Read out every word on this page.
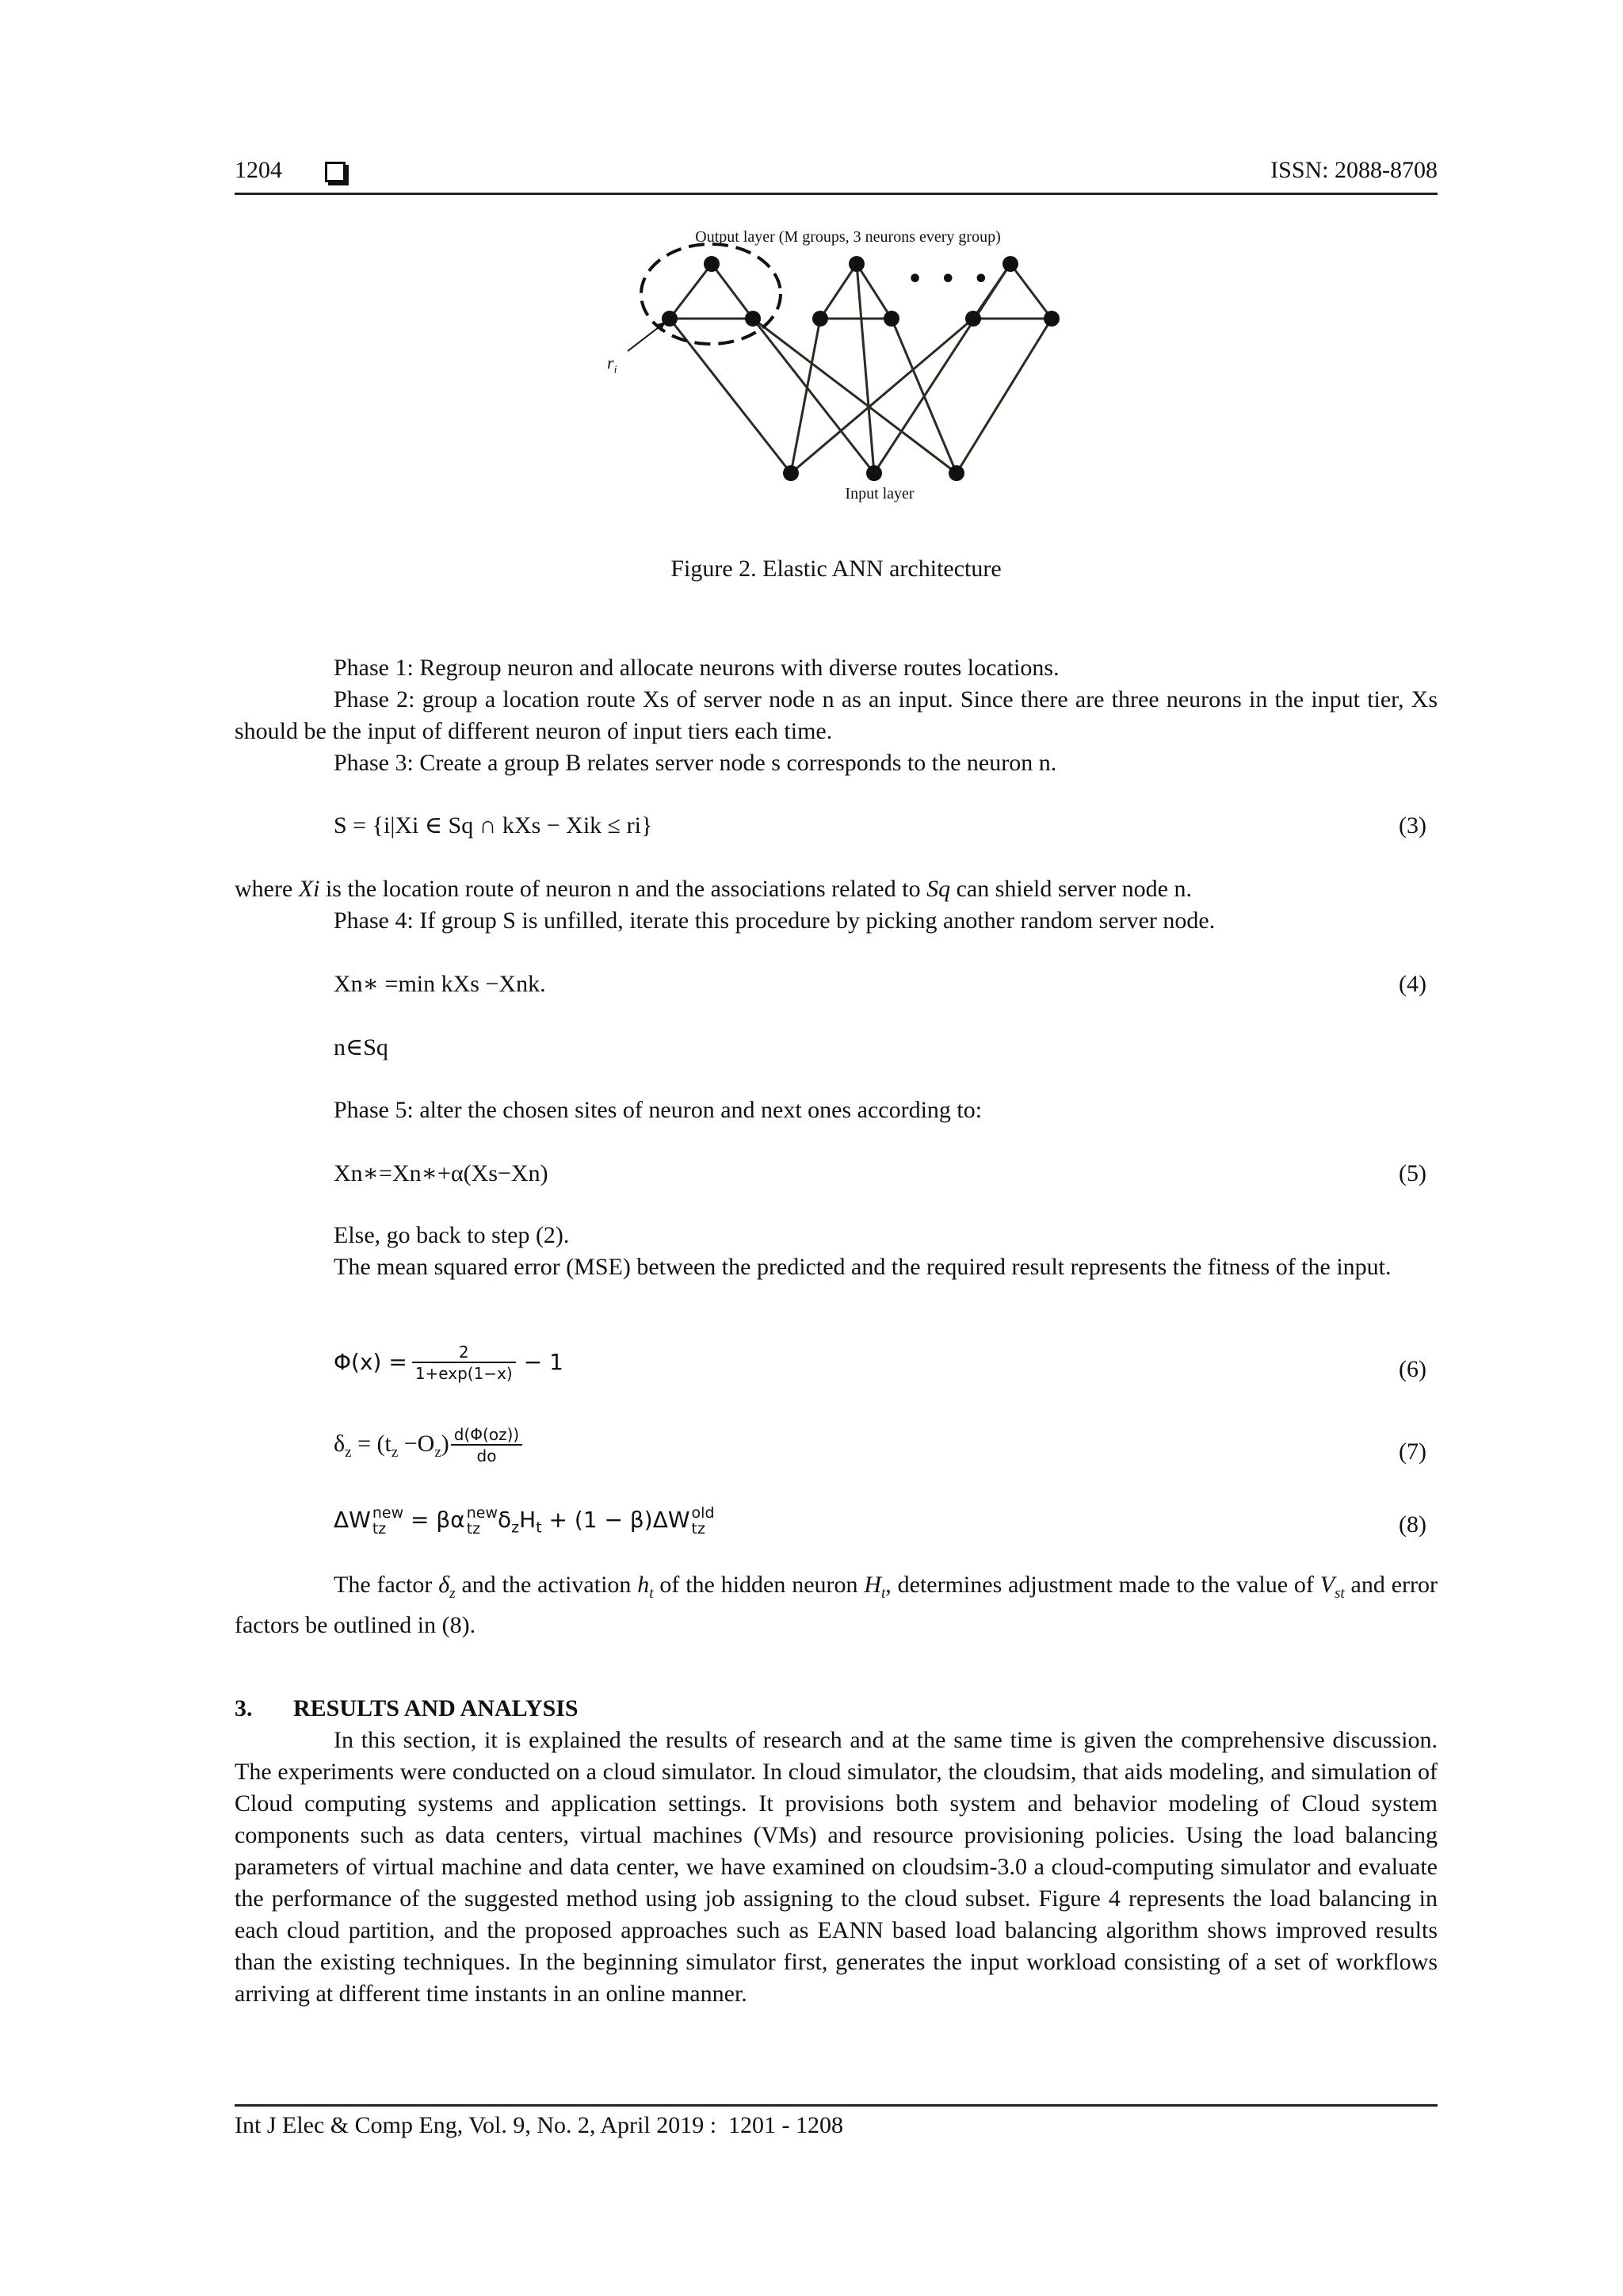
1204	ISSN: 2088-8708
Output layer (M groups, 3 neurons every group)
• • •
$r_i$
Input layer
Figure 2. Elastic ANN architecture
Phase 1: Regroup neuron and allocate neurons with diverse routes locations.
Phase 2: group a location route Xs of server node n as an input. Since there are three neurons in the input tier, Xs should be the input of different neuron of input tiers each time.
Phase 3: Create a group B relates server node s corresponds to the neuron n.
S = {i|Xi ∈ Sq ∩ kXs − Xik ≤ ri}	(3)
where Xi is the location route of neuron n and the associations related to Sq can shield server node n.
Phase 4: If group S is unfilled, iterate this procedure by picking another random server node.
Xn∗ =min kXs −Xnk.	(4)
n∈Sq
Phase 5: alter the chosen sites of neuron and next ones according to:
Xn∗=Xn∗+α(Xs−Xn)	(5)
Else, go back to step (2).
The mean squared error (MSE) between the predicted and the required result represents the fitness of the input.
$\Phi(x) = \frac{2}{1+\exp(1-x)} - 1$	(6)
$\delta_z = (t_z -O_z) \frac{d(\Phi(oz))}{do}$	(7)
ΔW new
tz = βα new
tz $\delta_zH_t + (1 - \beta)\Delta W$ old
tz	(8)
The factor $\delta_z$ and the activation $h_t$ of the hidden neuron $H_t$, determines adjustment made to the value of $V_{st}$ and error factors be outlined in (8).
3. RESULTS AND ANALYSIS
In this section, it is explained the results of research and at the same time is given the comprehensive discussion. The experiments were conducted on a cloud simulator. In cloud simulator, the cloudsim, that aids modeling, and simulation of Cloud computing systems and application settings. It provisions both system and behavior modeling of Cloud system components such as data centers, virtual machines (VMs) and resource provisioning policies. Using the load balancing parameters of virtual machine and data center, we have examined on cloudsim-3.0 a cloud-computing simulator and evaluate the performance of the suggested method using job assigning to the cloud subset. Figure 4 represents the load balancing in each cloud partition, and the proposed approaches such as EANN based load balancing algorithm shows improved results than the existing techniques. In the beginning simulator first, generates the input workload consisting of a set of workflows arriving at different time instants in an online manner.
Int J Elec & Comp Eng, Vol. 9, No. 2, April 2019 :  1201 - 1208
